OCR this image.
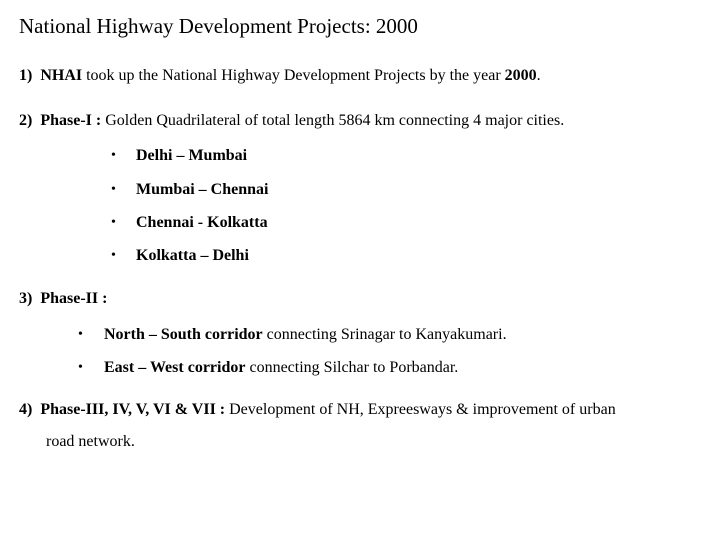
National Highway Development Projects: 2000
1) NHAI took up the National Highway Development Projects by the year 2000.
2) Phase-I : Golden Quadrilateral of total length 5864 km connecting 4 major cities.
• Delhi – Mumbai
• Mumbai – Chennai
• Chennai - Kolkatta
• Kolkatta – Delhi
3) Phase-II :
• North – South corridor connecting Srinagar to Kanyakumari.
• East – West corridor connecting Silchar to Porbandar.
4) Phase-III, IV, V, VI & VII : Development of NH, Expreesways & improvement of urban
road network.
